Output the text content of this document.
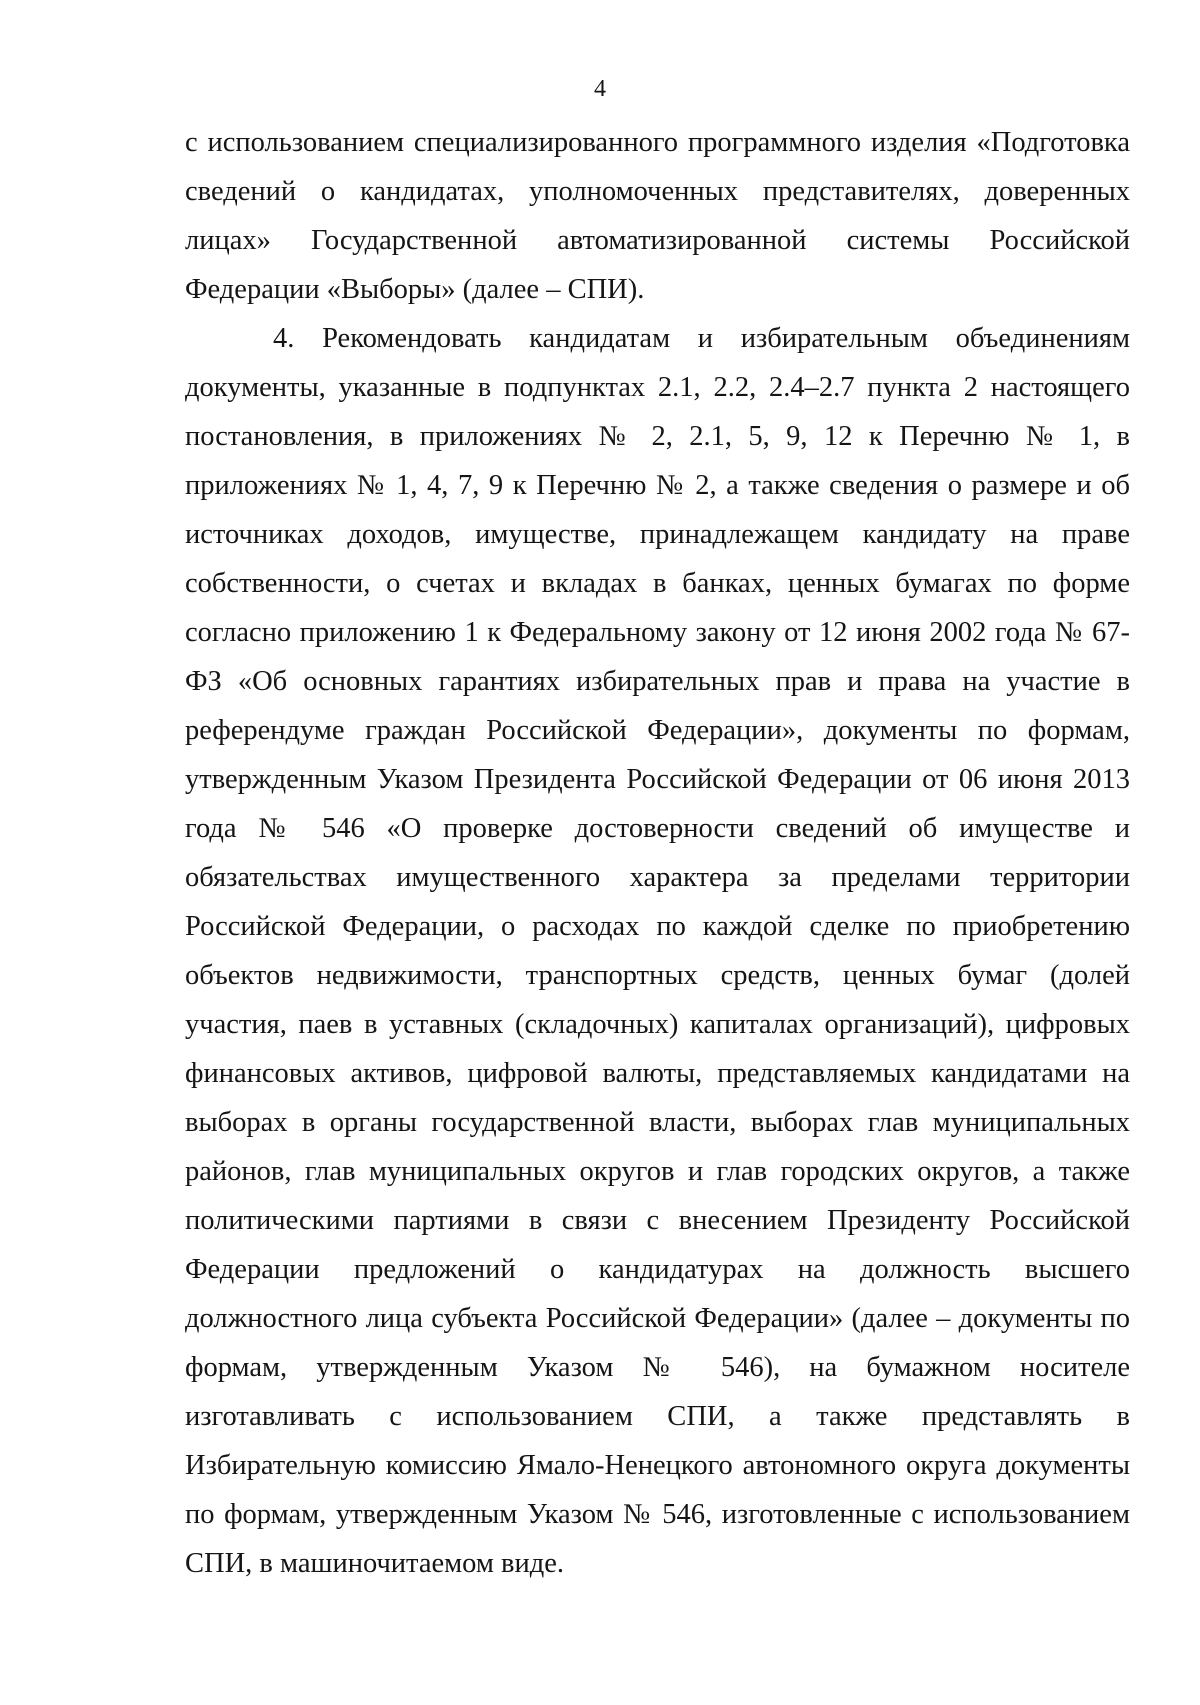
4

с использованием специализированного программного изделия «Подготовка сведений о кандидатах, уполномоченных представителях, доверенных лицах» Государственной автоматизированной системы Российской Федерации «Выборы» (далее – СПИ).

4. Рекомендовать кандидатам и избирательным объединениям документы, указанные в подпунктах 2.1, 2.2, 2.4–2.7 пункта 2 настоящего постановления, в приложениях № 2, 2.1, 5, 9, 12 к Перечню № 1, в приложениях № 1, 4, 7, 9 к Перечню № 2, а также сведения о размере и об источниках доходов, имуществе, принадлежащем кандидату на праве собственности, о счетах и вкладах в банках, ценных бумагах по форме согласно приложению 1 к Федеральному закону от 12 июня 2002 года № 67-ФЗ «Об основных гарантиях избирательных прав и права на участие в референдуме граждан Российской Федерации», документы по формам, утвержденным Указом Президента Российской Федерации от 06 июня 2013 года № 546 «О проверке достоверности сведений об имуществе и обязательствах имущественного характера за пределами территории Российской Федерации, о расходах по каждой сделке по приобретению объектов недвижимости, транспортных средств, ценных бумаг (долей участия, паев в уставных (складочных) капиталах организаций), цифровых финансовых активов, цифровой валюты, представляемых кандидатами на выборах в органы государственной власти, выборах глав муниципальных районов, глав муниципальных округов и глав городских округов, а также политическими партиями в связи с внесением Президенту Российской Федерации предложений о кандидатурах на должность высшего должностного лица субъекта Российской Федерации» (далее – документы по формам, утвержденным Указом № 546), на бумажном носителе изготавливать с использованием СПИ, а также представлять в Избирательную комиссию Ямало-Ненецкого автономного округа документы по формам, утвержденным Указом № 546, изготовленные с использованием СПИ, в машиночитаемом виде.
